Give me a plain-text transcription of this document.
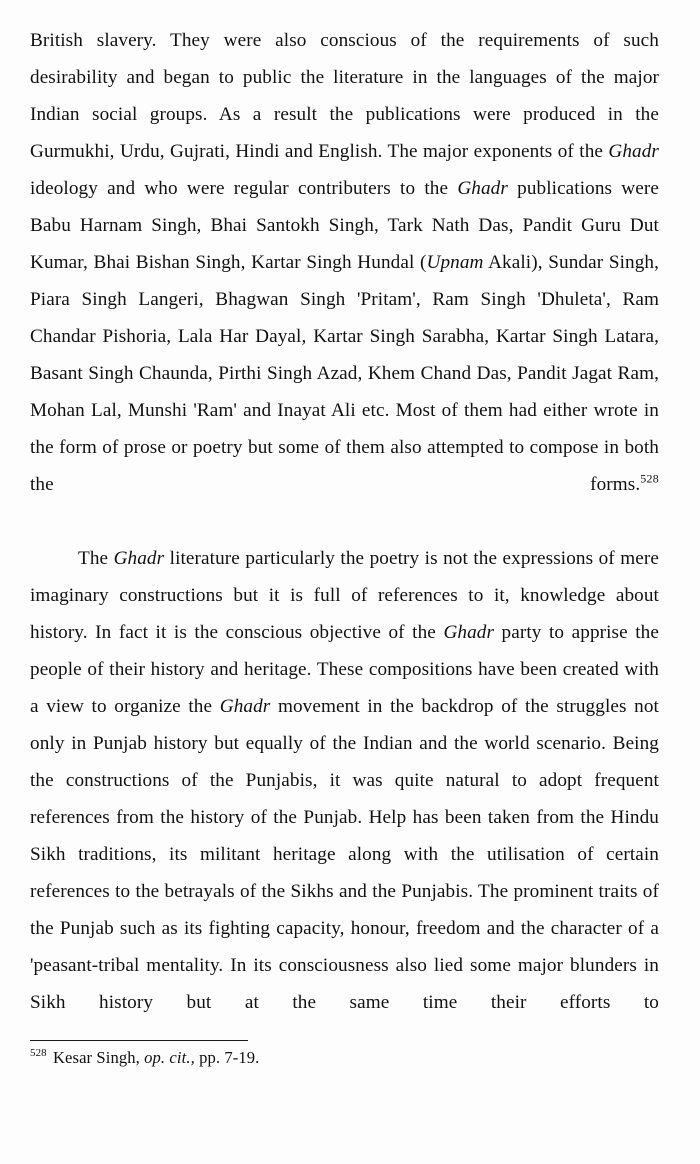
British slavery. They were also conscious of the requirements of such desirability and began to public the literature in the languages of the major Indian social groups. As a result the publications were produced in the Gurmukhi, Urdu, Gujrati, Hindi and English. The major exponents of the Ghadr ideology and who were regular contributers to the Ghadr publications were Babu Harnam Singh, Bhai Santokh Singh, Tark Nath Das, Pandit Guru Dut Kumar, Bhai Bishan Singh, Kartar Singh Hundal (Upnam Akali), Sundar Singh, Piara Singh Langeri, Bhagwan Singh 'Pritam', Ram Singh 'Dhuleta', Ram Chandar Pishoria, Lala Har Dayal, Kartar Singh Sarabha, Kartar Singh Latara, Basant Singh Chaunda, Pirthi Singh Azad, Khem Chand Das, Pandit Jagat Ram, Mohan Lal, Munshi 'Ram' and Inayat Ali etc. Most of them had either wrote in the form of prose or poetry but some of them also attempted to compose in both the forms.$^{528}$

The Ghadr literature particularly the poetry is not the expressions of mere imaginary constructions but it is full of references to it, knowledge about history. In fact it is the conscious objective of the Ghadr party to apprise the people of their history and heritage. These compositions have been created with a view to organize the Ghadr movement in the backdrop of the struggles not only in Punjab history but equally of the Indian and the world scenario. Being the constructions of the Punjabis, it was quite natural to adopt frequent references from the history of the Punjab. Help has been taken from the Hindu Sikh traditions, its militant heritage along with the utilisation of certain references to the betrayals of the Sikhs and the Punjabis. The prominent traits of the Punjab such as its fighting capacity, honour, freedom and the character of a 'peasant-tribal mentality. In its consciousness also lied some major blunders in Sikh history but at the same time their efforts to

$^{528}$ Kesar Singh, op. cit., pp. 7-19.
